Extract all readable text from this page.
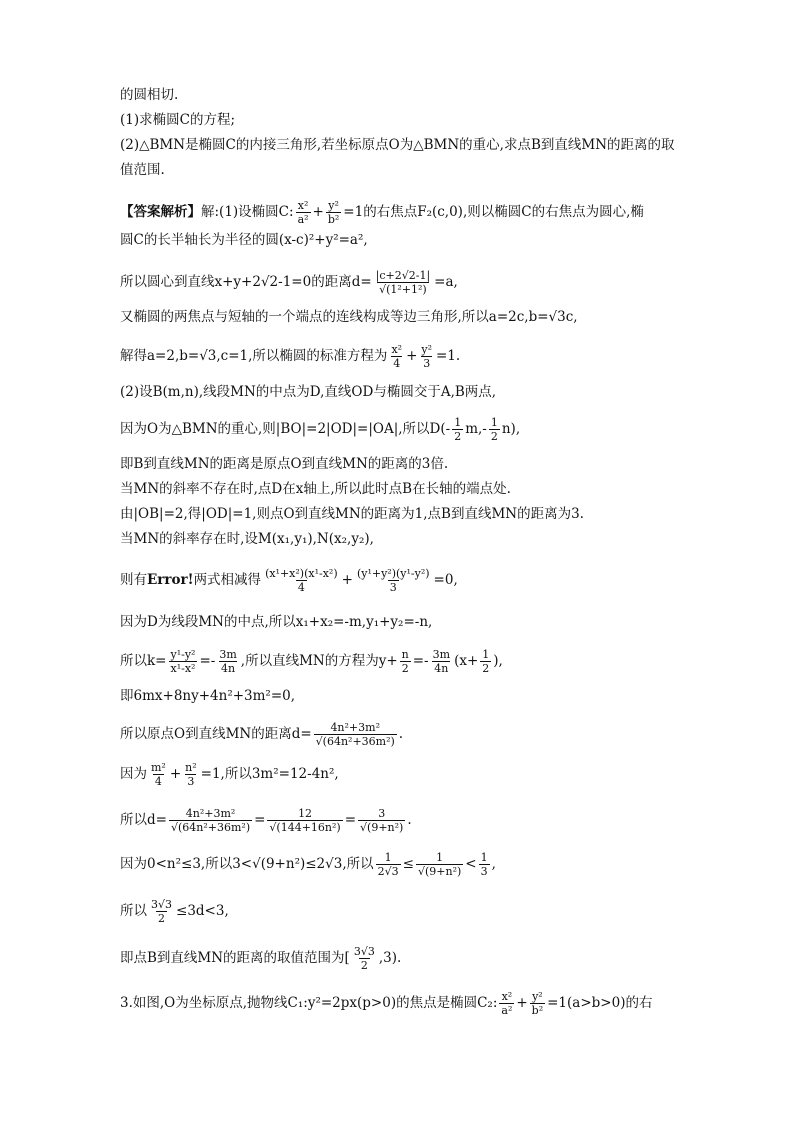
的圆相切.
(1)求椭圆C的方程;
(2)△BMN是椭圆C的内接三角形,若坐标原点O为△BMN的重心,求点B到直线MN的距离的取
值范围.
【答案解析】 解:(1)设椭圆C: $\frac{\text{x²}}{\text{a²}} + \frac{\text{y²}}{\text{b²}} =1$的右焦点F₂(c,0),则以椭圆C的右焦点为圆心,椭
圆C的长半轴长为半径的圆(x-c)²+y²=a²,
所以圆心到直线x+y+2√2-1=0的距离$d= \frac{|c+2√2-1|}{\text{√(1²+1²)}} =a$,
又椭圆的两焦点与短轴的一个端点的连线构成等边三角形,所以a=2c,b=√3c,
解得a=2,b=√3,c=1,所以椭圆的标准方程为 $\frac{\text{x²}}{4} + \frac{\text{y²}}{3} =1$.
(2)设B(m,n),线段MN的中点为D,直线OD与椭圆交于A,B两点,
因为O为△BMN的重心,则|BO|=2|OD|=|OA|,所以$D(- \frac{1}{2} m,- \frac{1}{2} n)$,
即B到直线MN的距离是原点O到直线MN的距离的3倍.
当MN的斜率不存在时,点D在x轴上,所以此时点B在长轴的端点处.
由|OB|=2,得|OD|=1,则点O到直线MN的距离为1,点B到直线MN的距离为3.
当MN的斜率存在时,设M(x₁,y₁),N(x₂,y₂),
则有 Error! 两式相减得 $\frac{\text{(x¹+x²)(x¹-x²)}}{4} + \frac{\text{(y¹+y²)(y¹-y²)}}{3} =0$,
因为D为线段MN的中点,所以x₁+x₂=-m,y₁+y₂=-n,
所以$k= \frac{\text{y¹-y²}}{\text{x¹-x²}} =- \frac{3m}{4n}$ ,所以直线MN的方程为$y+ \frac{n}{2} =- \frac{3m}{4n} (x+ \frac{1}{2}$ ),
即6mx+8ny+4n²+3m²=0,
所以原点O到直线MN的距离$d= \frac{\text{4n²+3m²}}{\text{√(64n²+36m²)}}$ .
因为 $\frac{\text{m²}}{4} + \frac{\text{n²}}{3} =1$,所以3m²=12-4n²,
所以$d= \frac{\text{4n²+3m²}}{\text{√(64n²+36m²)}} = \frac{12}{\text{√(144+16n²)}} = \frac{3}{\text{√(9+n²)}}$ .
因为0<n²≤3,所以3<√(9+n²)≤2√3,所以 $\frac{1}{2√3} \le \frac{1}{\text{√(9+n²)}} < \frac{1}{3}$ ,
所以 $\frac{3√3}{2} \le 3d<3$,
即点B到直线MN的距离的取值范围为[ $\frac{3√3}{2} ,3$).
3.如图,O为坐标原点,抛物线C₁:y²=2px(p>0)的焦点是椭圆C₂: $\frac{\text{x²}}{\text{a²}} + \frac{\text{y²}}{\text{b²}} =1(a>b>0)$的右
